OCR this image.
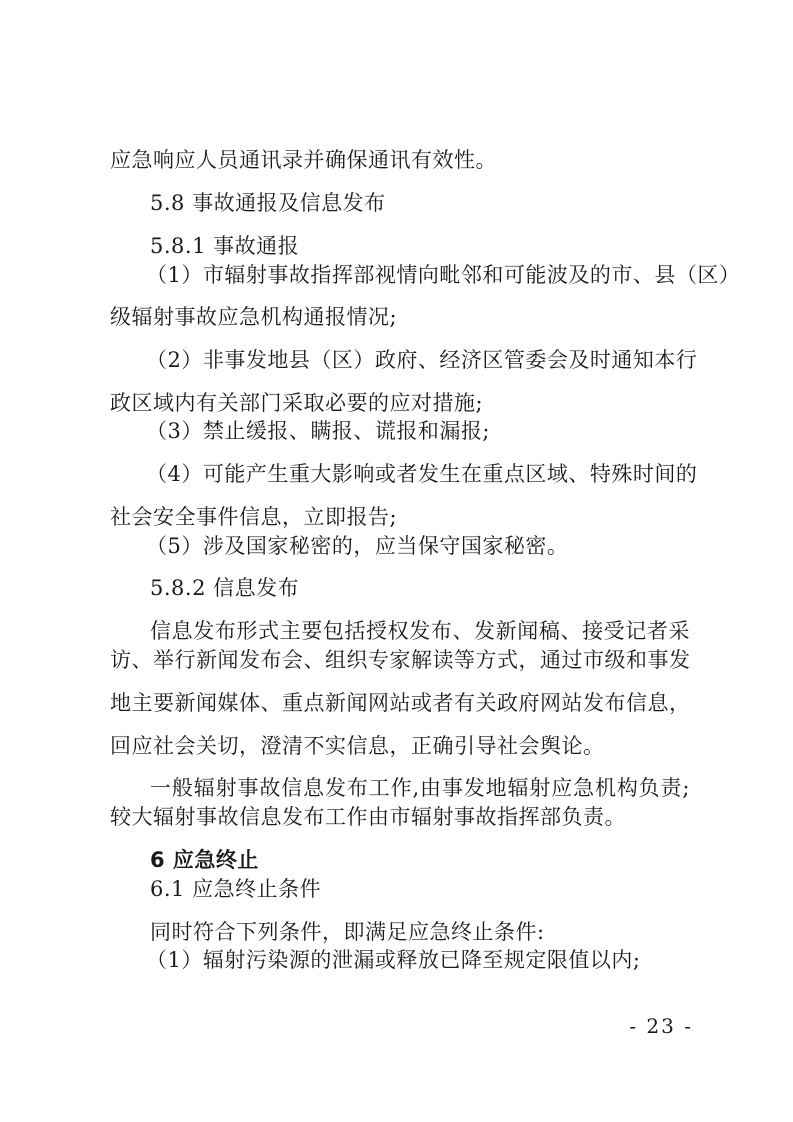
应急响应人员通讯录并确保通讯有效性。
5.8 事故通报及信息发布
5.8.1 事故通报
（1）市辐射事故指挥部视情向毗邻和可能波及的市、县（区）
级辐射事故应急机构通报情况;
（2）非事发地县（区）政府、经济区管委会及时通知本行
政区域内有关部门采取必要的应对措施;
（3）禁止缓报、瞒报、谎报和漏报;
（4）可能产生重大影响或者发生在重点区域、特殊时间的
社会安全事件信息，立即报告;
（5）涉及国家秘密的，应当保守国家秘密。
5.8.2 信息发布
信息发布形式主要包括授权发布、发新闻稿、接受记者采
访、举行新闻发布会、组织专家解读等方式，通过市级和事发
地主要新闻媒体、重点新闻网站或者有关政府网站发布信息，
回应社会关切，澄清不实信息，正确引导社会舆论。
一般辐射事故信息发布工作,由事发地辐射应急机构负责;
较大辐射事故信息发布工作由市辐射事故指挥部负责。
6 应急终止
6.1 应急终止条件
同时符合下列条件，即满足应急终止条件:
（1）辐射污染源的泄漏或释放已降至规定限值以内;
- 23 -
